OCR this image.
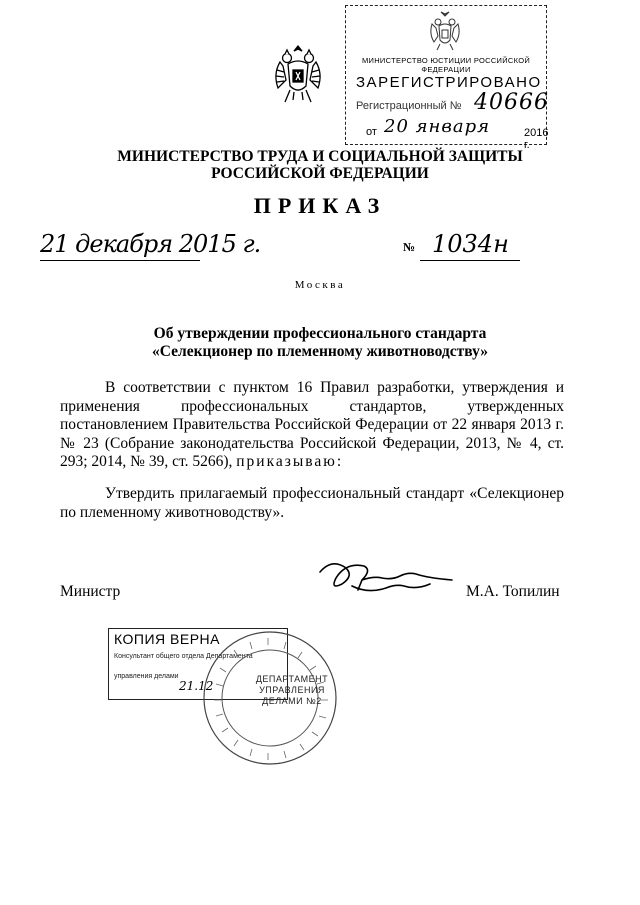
МИНИСТЕРСТВО ЮСТИЦИИ РОССИЙСКОЙ ФЕДЕРАЦИИ
ЗАРЕГИСТРИРОВАНО
Регистрационный № 40666
от 20 января	2016 г.
МИНИСТЕРСТВО ТРУДА И СОЦИАЛЬНОЙ ЗАЩИТЫ
РОССИЙСКОЙ ФЕДЕРАЦИИ
ПРИКАЗ
21 декабря 2015 г.	№ 1034н
Москва
Об утверждении профессионального стандарта
«Селекционер по племенному животноводству»

В соответствии с пунктом 16 Правил разработки, утверждения и применения профессиональных стандартов, утвержденных постановлением Правительства Российской Федерации от 22 января 2013 г. № 23 (Собрание законодательства Российской Федерации, 2013, № 4, ст. 293; 2014, № 39, ст. 5266), приказываю:

Утвердить прилагаемый профессиональный стандарт «Селекционер по племенному животноводству».

Министр	М.А. Топилин
КОПИЯ ВЕРНА
Консультант общего отдела Департамента
управления делами
21.12	ДЕПАРТАМЕНТ УПРАВЛЕНИЯ ДЕЛАМИ №2
